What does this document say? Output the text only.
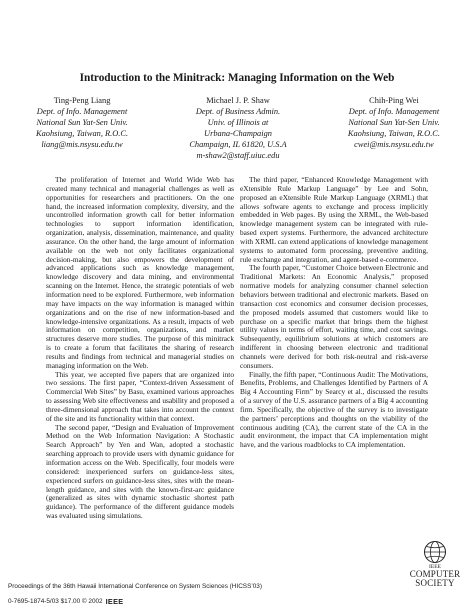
Introduction to the Minitrack: Managing Information on the Web
Ting-Peng Liang
Dept. of Info. Management
National Sun Yat-Sen Univ.
Kaohsiung, Taiwan, R.O.C.
liang@mis.nsysu.edu.tw
Michael J. P. Shaw
Dept. of Business Admin.
Univ. of Illinois at
Urbana-Champaign
Champaign, IL 61820, U.S.A
m-shaw2@staff.uiuc.edu
Chih-Ping Wei
Dept. of Info. Management
National Sun Yat-Sen Univ.
Kaohsiung, Taiwan, R.O.C.
cwei@mis.nsysu.edu.tw

The proliferation of Internet and World Wide Web has created many technical and managerial challenges as well as opportunities for researchers and practitioners. On the one hand, the increased information complexity, diversity, and the uncontrolled information growth call for better information technologies to support information identification, organization, analysis, dissemination, maintenance, and quality assurance. On the other hand, the large amount of information available on the web not only facilitates organizational decision-making, but also empowers the development of advanced applications such as knowledge management, knowledge discovery and data mining, and environmental scanning on the Internet. Hence, the strategic potentials of web information need to be explored. Furthermore, web information may have impacts on the way information is managed within organizations and on the rise of new information-based and knowledge-intensive organizations. As a result, impacts of web information on competition, organizations, and market structures deserve more studies. The purpose of this minitrack is to create a forum that facilitates the sharing of research results and findings from technical and managerial studies on managing information on the Web.

This year, we accepted five papers that are organized into two sessions. The first paper, “Context-driven Assessment of Commercial Web Sites” by Basu, examined various approaches to assessing Web site effectiveness and usability and proposed a three-dimensional approach that takes into account the context of the site and its functionality within that context.

The second paper, “Design and Evaluation of Improvement Method on the Web Information Navigation: A Stochastic Search Approach” by Yen and Wan, adopted a stochastic searching approach to provide users with dynamic guidance for information access on the Web. Specifically, four models were considered: inexperienced surfers on guidance-less sites, experienced surfers on guidance-less sites, sites with the mean-length guidance, and sites with the known-first-arc guidance (generalized as sites with dynamic stochastic shortest path guidance). The performance of the different guidance models was evaluated using simulations.

The third paper, “Enhanced Knowledge Management with eXtensible Rule Markup Language” by Lee and Sohn, proposed an eXtensible Rule Markup Language (XRML) that allows software agents to exchange and process implicitly embedded in Web pages. By using the XRML, the Web-based knowledge management system can be integrated with rule-based expert systems. Furthermore, the advanced architecture with XRML can extend applications of knowledge management systems to automated form processing, preventive auditing, rule exchange and integration, and agent-based e-commerce.

The fourth paper, “Customer Choice between Electronic and Traditional Markets: An Economic Analysis,” proposed normative models for analyzing consumer channel selection behaviors between traditional and electronic markets. Based on transaction cost economics and consumer decision processes, the proposed models assumed that customers would like to purchase on a specific market that brings them the highest utility values in terms of effort, waiting time, and cost savings. Subsequently, equilibrium solutions at which customers are indifferent in choosing between electronic and traditional channels were derived for both risk-neutral and risk-averse consumers.

Finally, the fifth paper, “Continuous Audit: The Motivations, Benefits, Problems, and Challenges Identified by Partners of A Big 4 Accounting Firm” by Searcy et al., discussed the results of a survey of the U.S. assurance partners of a Big 4 accounting firm. Specifically, the objective of the survey is to investigate the partners’ perceptions and thoughts on the viability of the continuous auditing (CA), the current state of the CA in the audit environment, the impact that CA implementation might have, and the various roadblocks to CA implementation.

IEEE
COMPUTER
SOCIETY
Proceedings of the 36th Hawaii International Conference on System Sciences (HICSS’03)
0-7695-1874-5/03 $17.00 © 2002 IEEE
